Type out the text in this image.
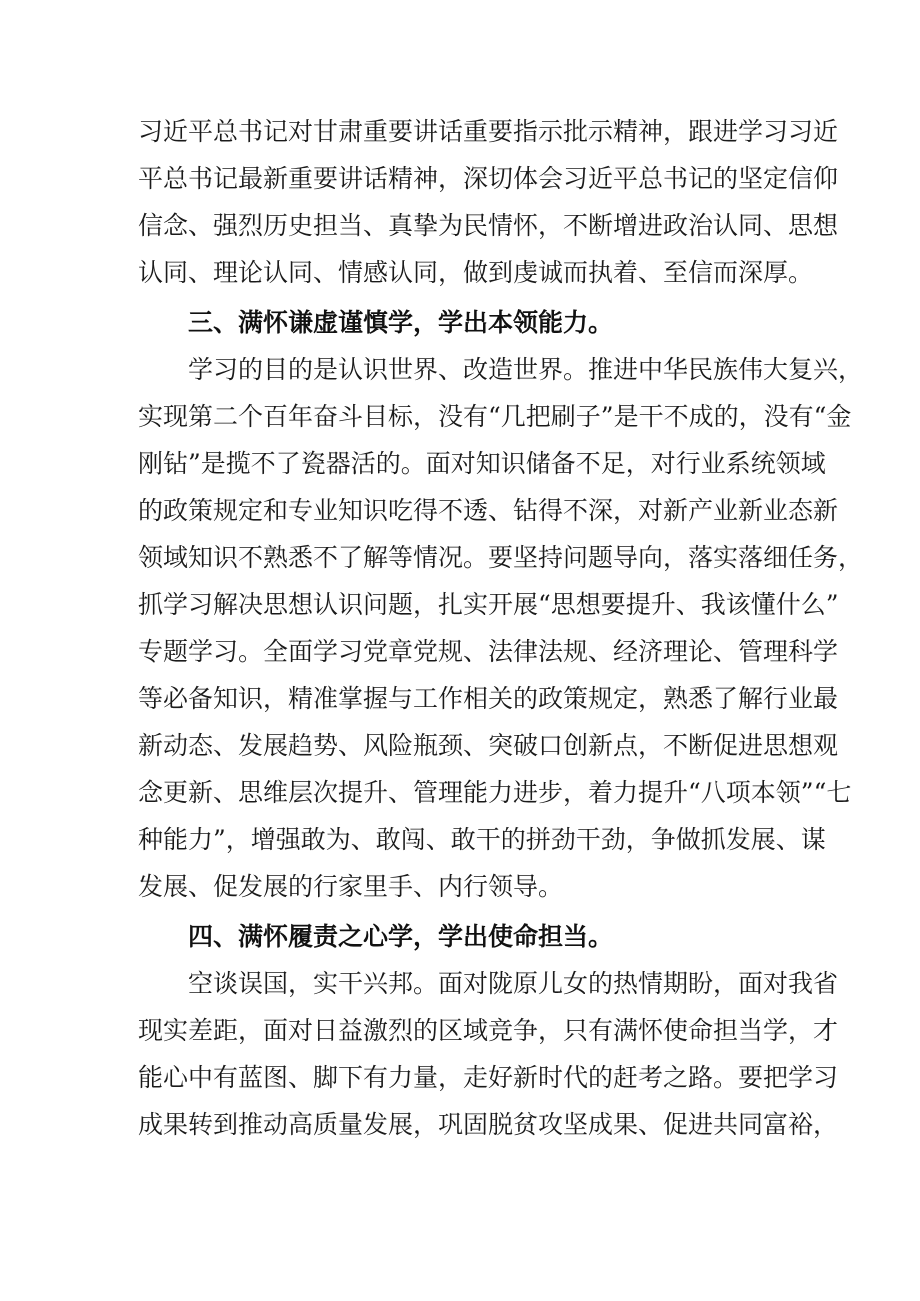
习近平总书记对甘肃重要讲话重要指示批示精神，跟进学习习近
平总书记最新重要讲话精神，深切体会习近平总书记的坚定信仰
信念、强烈历史担当、真挚为民情怀，不断增进政治认同、思想
认同、理论认同、情感认同，做到虔诚而执着、至信而深厚。
三、满怀谦虚谨慎学，学出本领能力。
学习的目的是认识世界、改造世界。推进中华民族伟大复兴，
实现第二个百年奋斗目标，没有“几把刷子”是干不成的，没有“金
刚钻”是揽不了瓷器活的。面对知识储备不足，对行业系统领域
的政策规定和专业知识吃得不透、钻得不深，对新产业新业态新
领域知识不熟悉不了解等情况。要坚持问题导向，落实落细任务，
抓学习解决思想认识问题，扎实开展“思想要提升、我该懂什么”
专题学习。全面学习党章党规、法律法规、经济理论、管理科学
等必备知识，精准掌握与工作相关的政策规定，熟悉了解行业最
新动态、发展趋势、风险瓶颈、突破口创新点，不断促进思想观
念更新、思维层次提升、管理能力进步，着力提升“八项本领”“七
种能力”，增强敢为、敢闯、敢干的拼劲干劲，争做抓发展、谋
发展、促发展的行家里手、内行领导。
四、满怀履责之心学，学出使命担当。
空谈误国，实干兴邦。面对陇原儿女的热情期盼，面对我省
现实差距，面对日益激烈的区域竞争，只有满怀使命担当学，才
能心中有蓝图、脚下有力量，走好新时代的赶考之路。要把学习
成果转到推动高质量发展，巩固脱贫攻坚成果、促进共同富裕，
